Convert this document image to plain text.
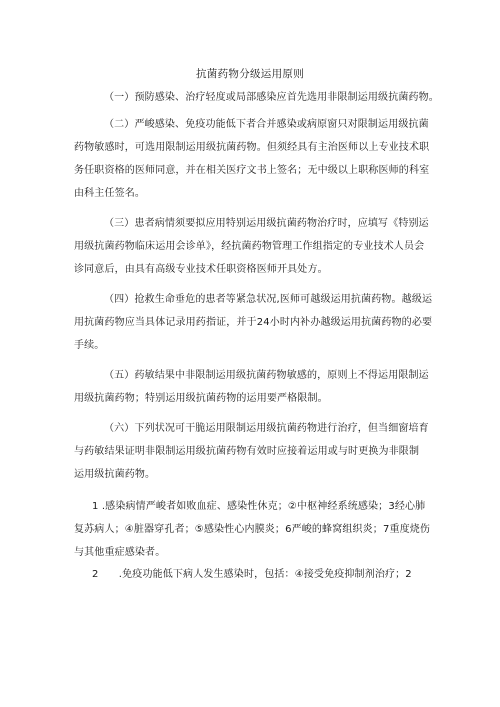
抗菌药物分级运用原则
（一）预防感染、治疗轻度或局部感染应首先选用非限制运用级抗菌药物。
（二）严峻感染、免疫功能低下者合并感染或病原窗只对限制运用级抗菌
药物敏感时，可选用限制运用级抗菌药物。但须经具有主治医师以上专业技术职
务任职资格的医师同意，并在相关医疗文书上签名；无中级以上职称医师的科室
由科主任签名。
（三）患者病情须要拟应用特别运用级抗菌药物治疗时，应填写《特别运
用级抗菌药物临床运用会诊单》，经抗菌药物管理工作组指定的专业技术人员会
诊同意后，由具有高级专业技术任职资格医师开具处方。
（四）抢救生命垂危的患者等紧急状况,医师可越级运用抗菌药物。越级运
用抗菌药物应当具体记录用药指证，并于24小时内补办越级运用抗菌药物的必要
手续。
（五）药敏结果中非限制运用级抗菌药物敏感的，原则上不得运用限制运
用级抗菌药物；特别运用级抗菌药物的运用要严格限制。
（六）下列状况可干脆运用限制运用级抗菌药物进行治疗，但当细窗培育
与药敏结果证明非限制运用级抗菌药物有效时应接着运用或与时更换为非限制
运用级抗菌药物。
1 .感染病情严峻者如败血症、感染性休克；②中枢神经系统感染；3经心肺
复苏病人；④脏器穿孔者；⑤感染性心内膜炎；6严峻的蜂窝组织炎；7重度烧伤
与其他重症感染者。
2　　.免疫功能低下病人发生感染时，包括：④接受免疫抑制剂治疗；2
